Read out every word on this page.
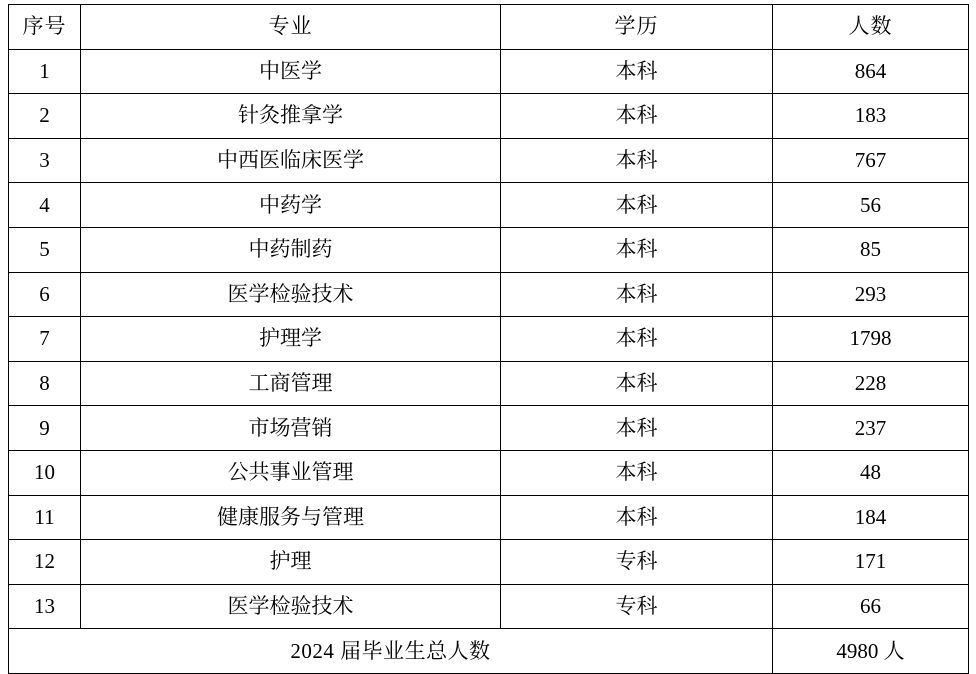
序号	专业	学历	人数
1	中医学	本科	864
2	针灸推拿学	本科	183
3	中西医临床医学	本科	767
4	中药学	本科	56
5	中药制药	本科	85
6	医学检验技术	本科	293
7	护理学	本科	1798
8	工商管理	本科	228
9	市场营销	本科	237
10	公共事业管理	本科	48
11	健康服务与管理	本科	184
12	护理	专科	171
13	医学检验技术	专科	66
2024 届毕业生总人数			4980 人
